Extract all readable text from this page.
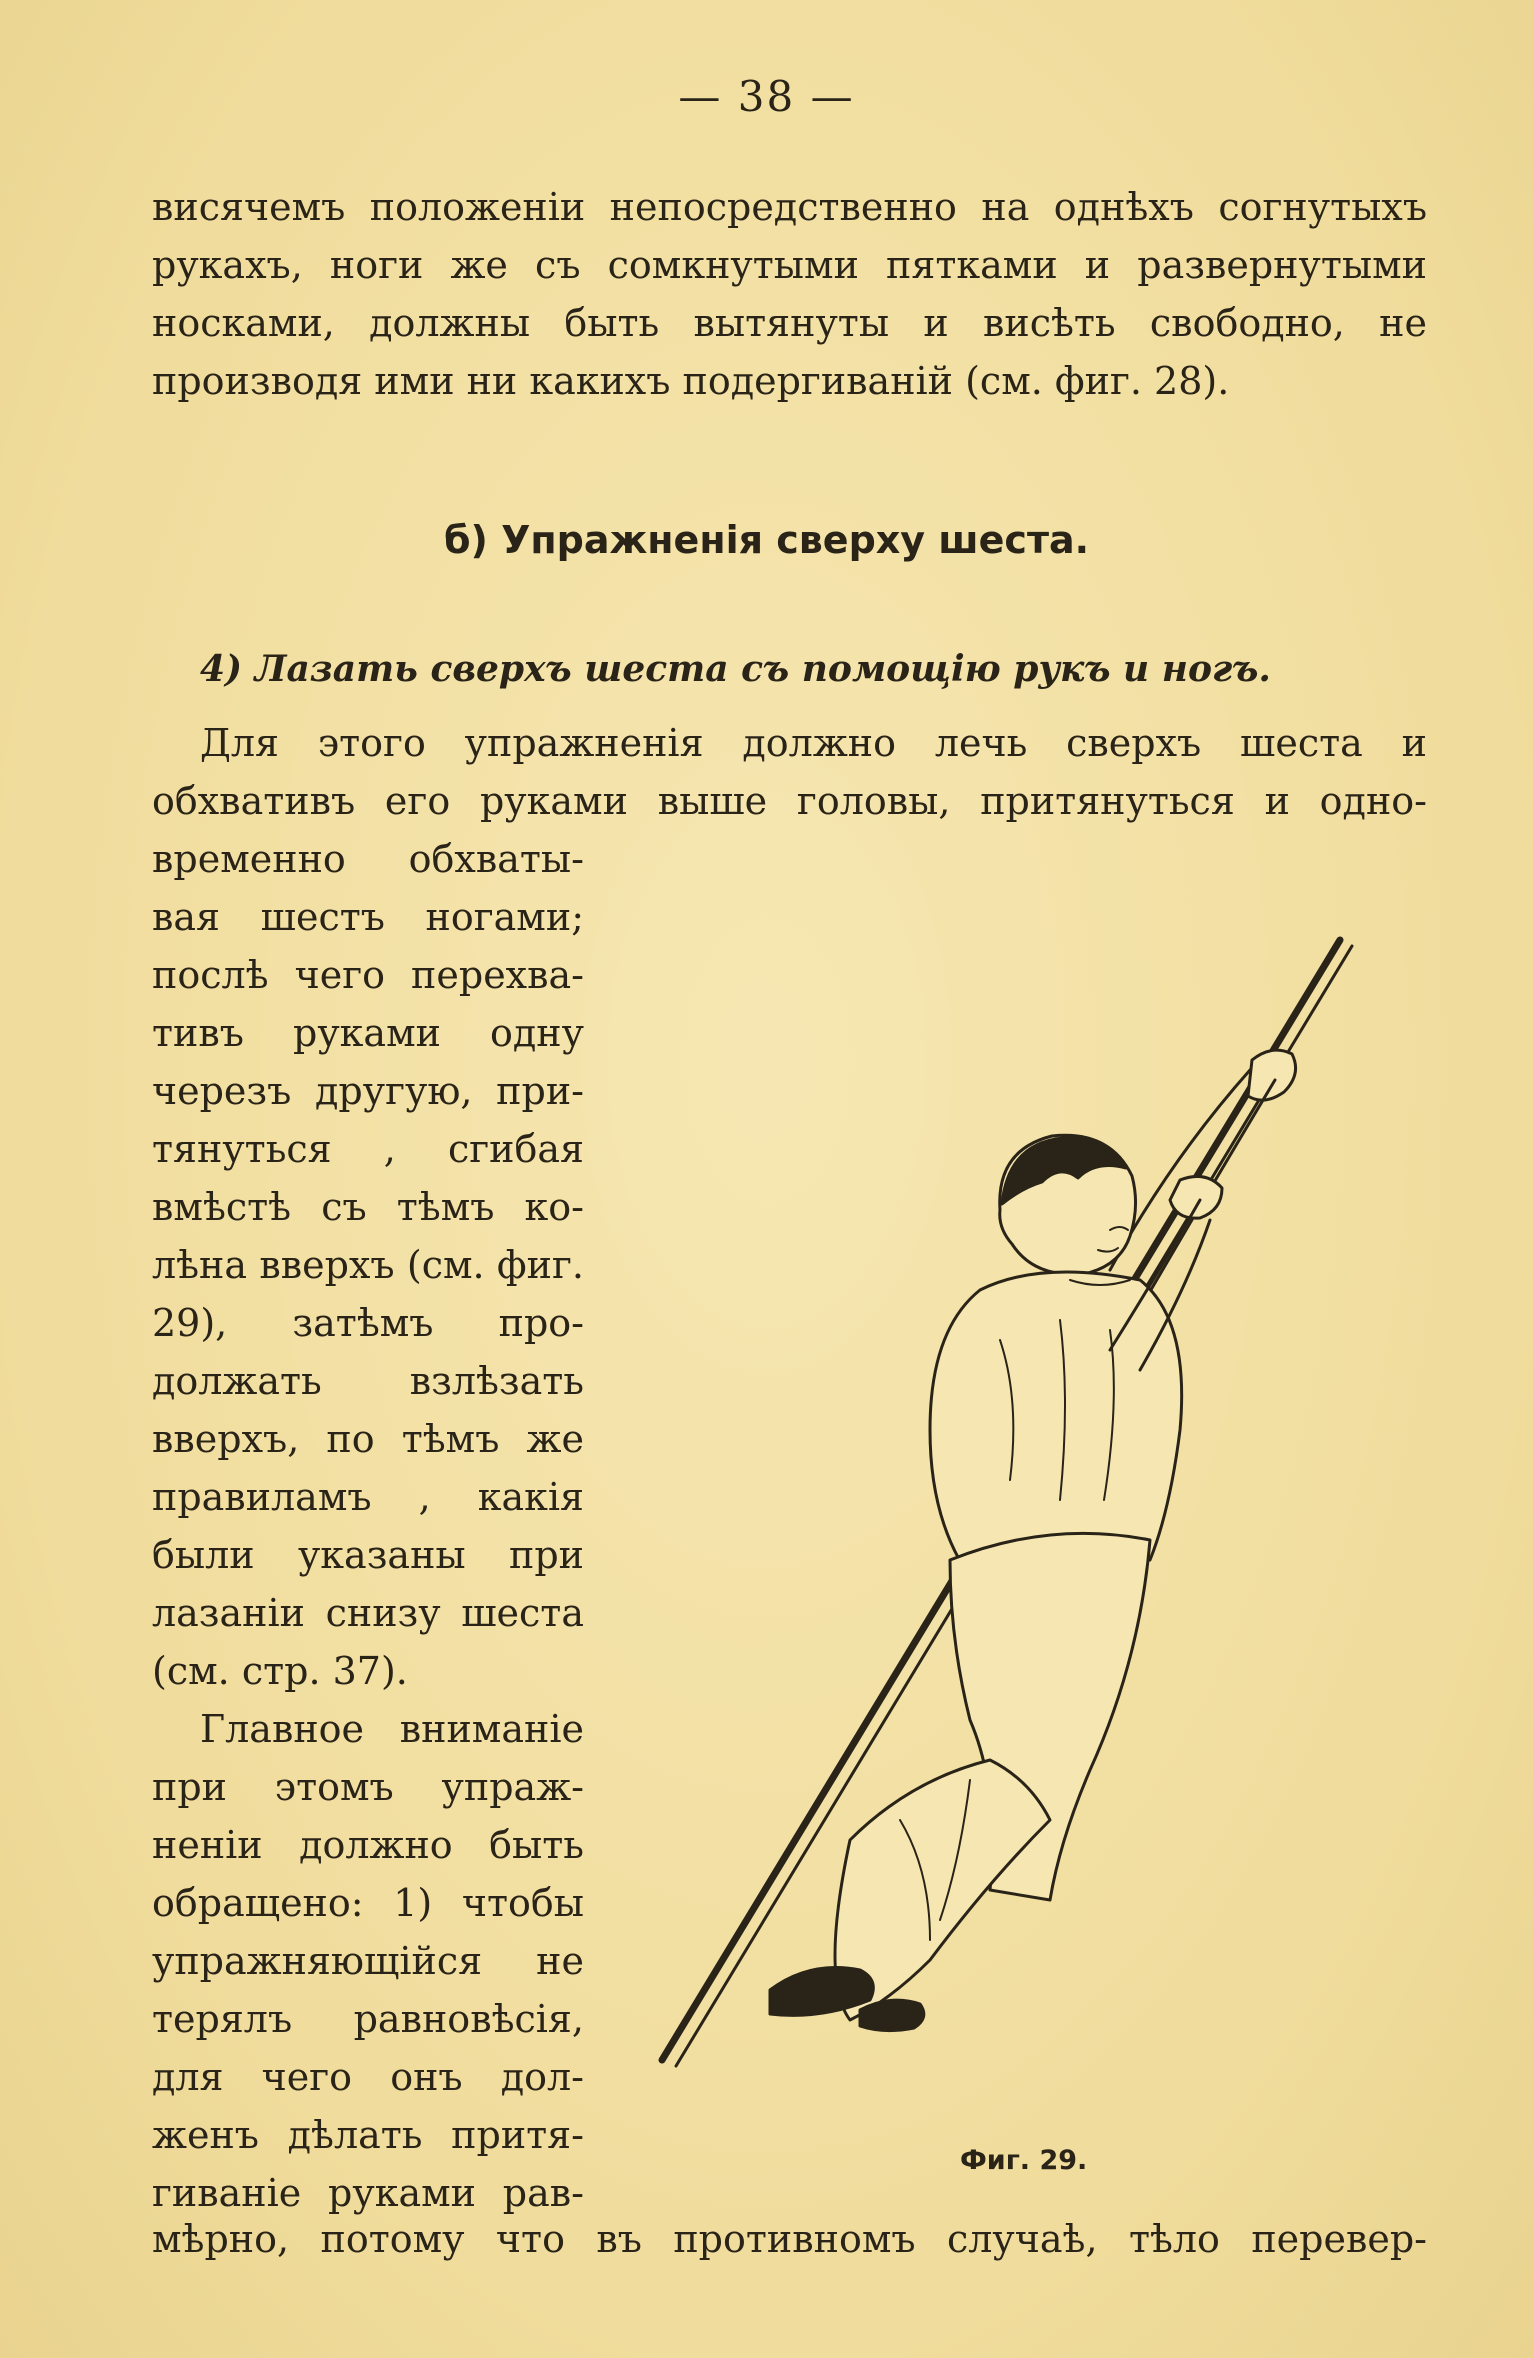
— 38 —
висячемъ положенiи непосредственно на однѣхъ согнутыхъ
рукахъ, ноги же съ сомкнутыми пятками и развернутыми
носками, должны быть вытянуты и висѣть свободно, не
производя ими ни какихъ подергиванiй (см. фиг. 28).
б) Упражненiя сверху шеста.
4) Лазать сверхъ шеста съ помощiю рукъ и ногъ.
Для этого упражненiя должно лечь сверхъ шеста и
обхвативъ его руками выше головы, притянуться и одно-
временно обхваты-
вая шестъ ногами;
послѣ чего перехва-
тивъ руками одну
черезъ другую, при-
тянуться , сгибая
вмѣстѣ съ тѣмъ ко-
лѣна вверхъ (см. фиг.
29), затѣмъ про-
должать взлѣзать
вверхъ, по тѣмъ же
правиламъ , какiя
были указаны при
лазанiи снизу шеста
(см. стр. 37).
Главное вниманiе
при этомъ упраж-
ненiи должно быть
обращено: 1) чтобы
упражняющiйся не
терялъ равновѣсiя,
для чего онъ дол-
женъ дѣлать притя-
гиванiе руками рав-
Фиг. 29.
мѣрно, потому что въ противномъ случаѣ, тѣло перевер-
